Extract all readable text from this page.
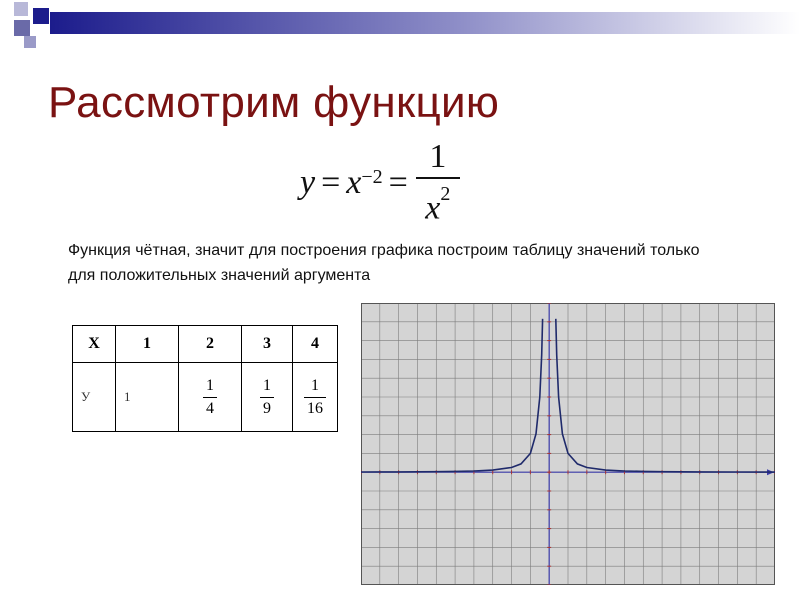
Рассмотрим функцию
$y = x^{-2} = \frac{1}{x^2}$
Функция чётная, значит для построения графика построим таблицу значений только для положительных значений аргумента
X	1	2	3	4
У	1	$\frac{1}{4}$	$\frac{1}{9}$	$\frac{1}{16}$
